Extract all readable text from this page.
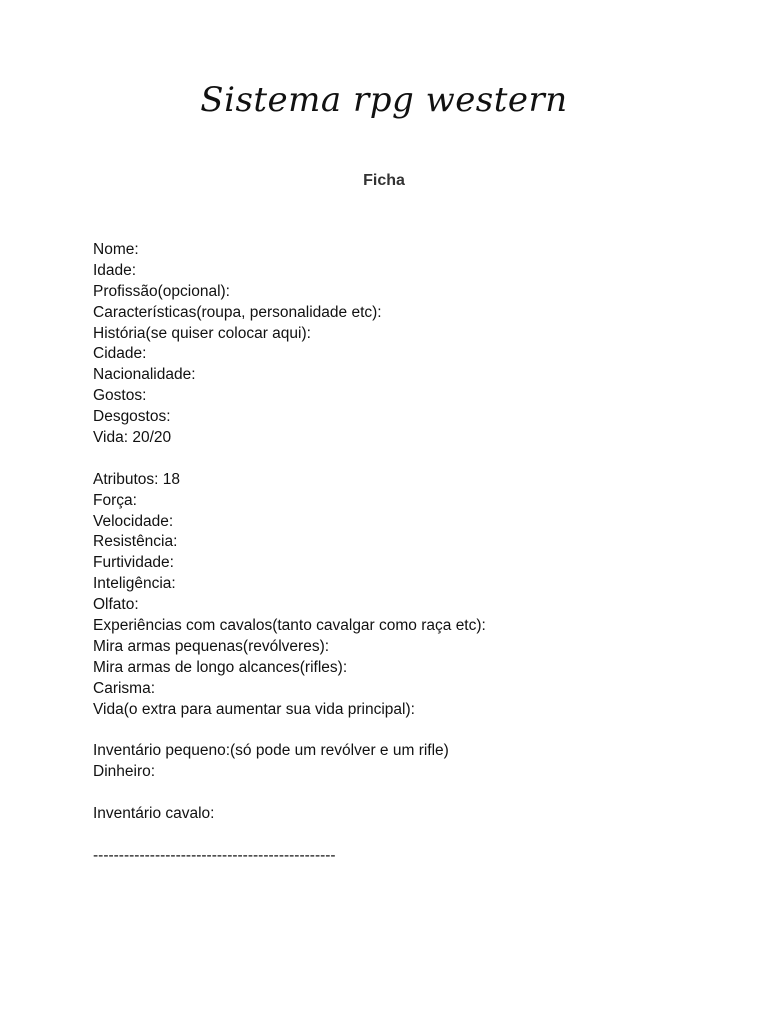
Sistema rpg western
Ficha
Nome:
Idade:
Profissão(opcional):
Características(roupa, personalidade etc):
História(se quiser colocar aqui):
Cidade:
Nacionalidade:
Gostos:
Desgostos:
Vida: 20/20
Atributos: 18
Força:
Velocidade:
Resistência:
Furtividade:
Inteligência:
Olfato:
Experiências com cavalos(tanto cavalgar como raça etc):
Mira armas pequenas(revólveres):
Mira armas de longo alcances(rifles):
Carisma:
Vida(o extra para aumentar sua vida principal):
Inventário pequeno:(só pode um revólver e um rifle)
Dinheiro:
Inventário cavalo:
-----------------------------------------------
